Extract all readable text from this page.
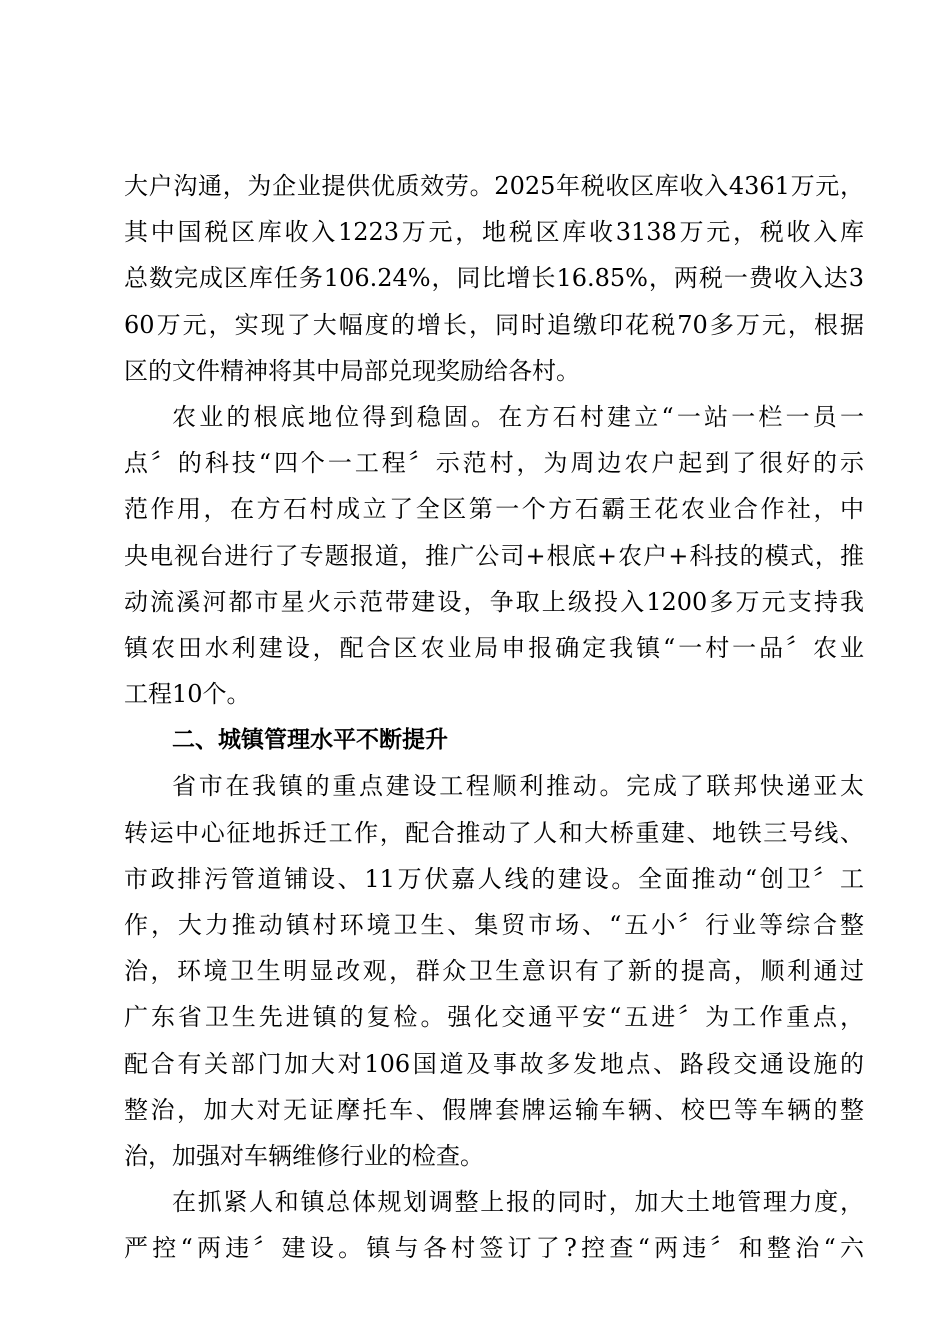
大户沟通，为企业提供优质效劳。2025年税收区库收入4361万元，
其中国税区库收入1223万元，地税区库收3138万元，税收入库
总数完成区库任务106.24%，同比增长16.85%，两税一费收入达3
60万元，实现了大幅度的增长，同时追缴印花税70多万元，根据
区的文件精神将其中局部兑现奖励给各村。
农业的根底地位得到稳固。在方石村建立“一站一栏一员一
点〞的科技“四个一工程〞示范村，为周边农户起到了很好的示
范作用，在方石村成立了全区第一个方石霸王花农业合作社，中
央电视台进行了专题报道，推广公司+根底+农户+科技的模式，推
动流溪河都市星火示范带建设，争取上级投入1200多万元支持我
镇农田水利建设，配合区农业局申报确定我镇“一村一品〞农业
工程10个。
二、城镇管理水平不断提升
省市在我镇的重点建设工程顺利推动。完成了联邦快递亚太
转运中心征地拆迁工作，配合推动了人和大桥重建、地铁三号线、
市政排污管道铺设、11万伏嘉人线的建设。全面推动“创卫〞工
作，大力推动镇村环境卫生、集贸市场、“五小〞行业等综合整
治，环境卫生明显改观，群众卫生意识有了新的提高，顺利通过
广东省卫生先进镇的复检。强化交通平安“五进〞为工作重点，
配合有关部门加大对106国道及事故多发地点、路段交通设施的
整治，加大对无证摩托车、假牌套牌运输车辆、校巴等车辆的整
治，加强对车辆维修行业的检查。
在抓紧人和镇总体规划调整上报的同时，加大土地管理力度，
严控“两违〞建设。镇与各村签订了?控查“两违〞和整治“六
